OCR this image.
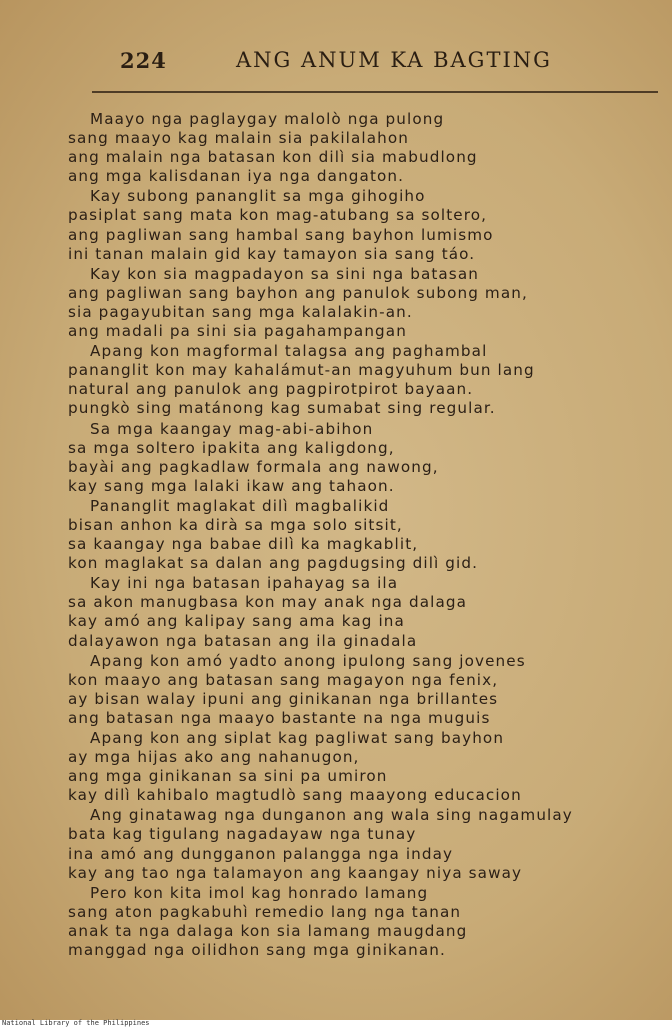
224	ANG ANUM KA BAGTING
Maayo nga paglaygay malolò nga pulong
sang maayo kag malain sia pakilalahon
ang malain nga batasan kon dilì sia mabudlong
ang mga kalisdanan iya nga dangaton.
Kay subong pananglit sa mga gihogiho
pasiplat sang mata kon mag-atubang sa soltero,
ang pagliwan sang hambal sang bayhon lumismo
ini tanan malain gid kay tamayon sia sang táo.
Kay kon sia magpadayon sa sini nga batasan
ang pagliwan sang bayhon ang panulok subong man,
sia pagayubitan sang mga kalalakin-an.
ang madali pa sini sia pagahampangan
Apang kon magformal talagsa ang paghambal
pananglit kon may kahalámut-an magyuhum bun lang
natural ang panulok ang pagpirotpirot bayaan.
pungkò sing matánong kag sumabat sing regular.
Sa mga kaangay mag-abi-abihon
sa mga soltero ipakita ang kaligdong,
bayài ang pagkadlaw formala ang nawong,
kay sang mga lalaki ikaw ang tahaon.
Pananglit maglakat dilì magbalikid
bisan anhon ka dirà sa mga solo sitsit,
sa kaangay nga babae dilì ka magkablit,
kon maglakat sa dalan ang pagdugsing dilì gid.
Kay ini nga batasan ipahayag sa ila
sa akon manugbasa kon may anak nga dalaga
kay amó ang kalipay sang ama kag ina
dalayawon nga batasan ang ila ginadala
Apang kon amó yadto anong ipulong sang jovenes
kon maayo ang batasan sang magayon nga fenix,
ay bisan walay ipuni ang ginikanan nga brillantes
ang batasan nga maayo bastante na nga muguis
Apang kon ang siplat kag pagliwat sang bayhon
ay mga hijas ako ang nahanugon,
ang mga ginikanan sa sini pa umiron
kay dilì kahibalo magtudlò sang maayong educacion
Ang ginatawag nga dunganon ang wala sing nagamulay
bata kag tigulang nagadayaw nga tunay
ina amó ang dungganon palangga nga inday
kay ang tao nga talamayon ang kaangay niya saway
Pero kon kita imol kag honrado lamang
sang aton pagkabuhì remedio lang nga tanan
anak ta nga dalaga kon sia lamang maugdang
manggad nga oilidhon sang mga ginikanan.
National Library of the Philippines
